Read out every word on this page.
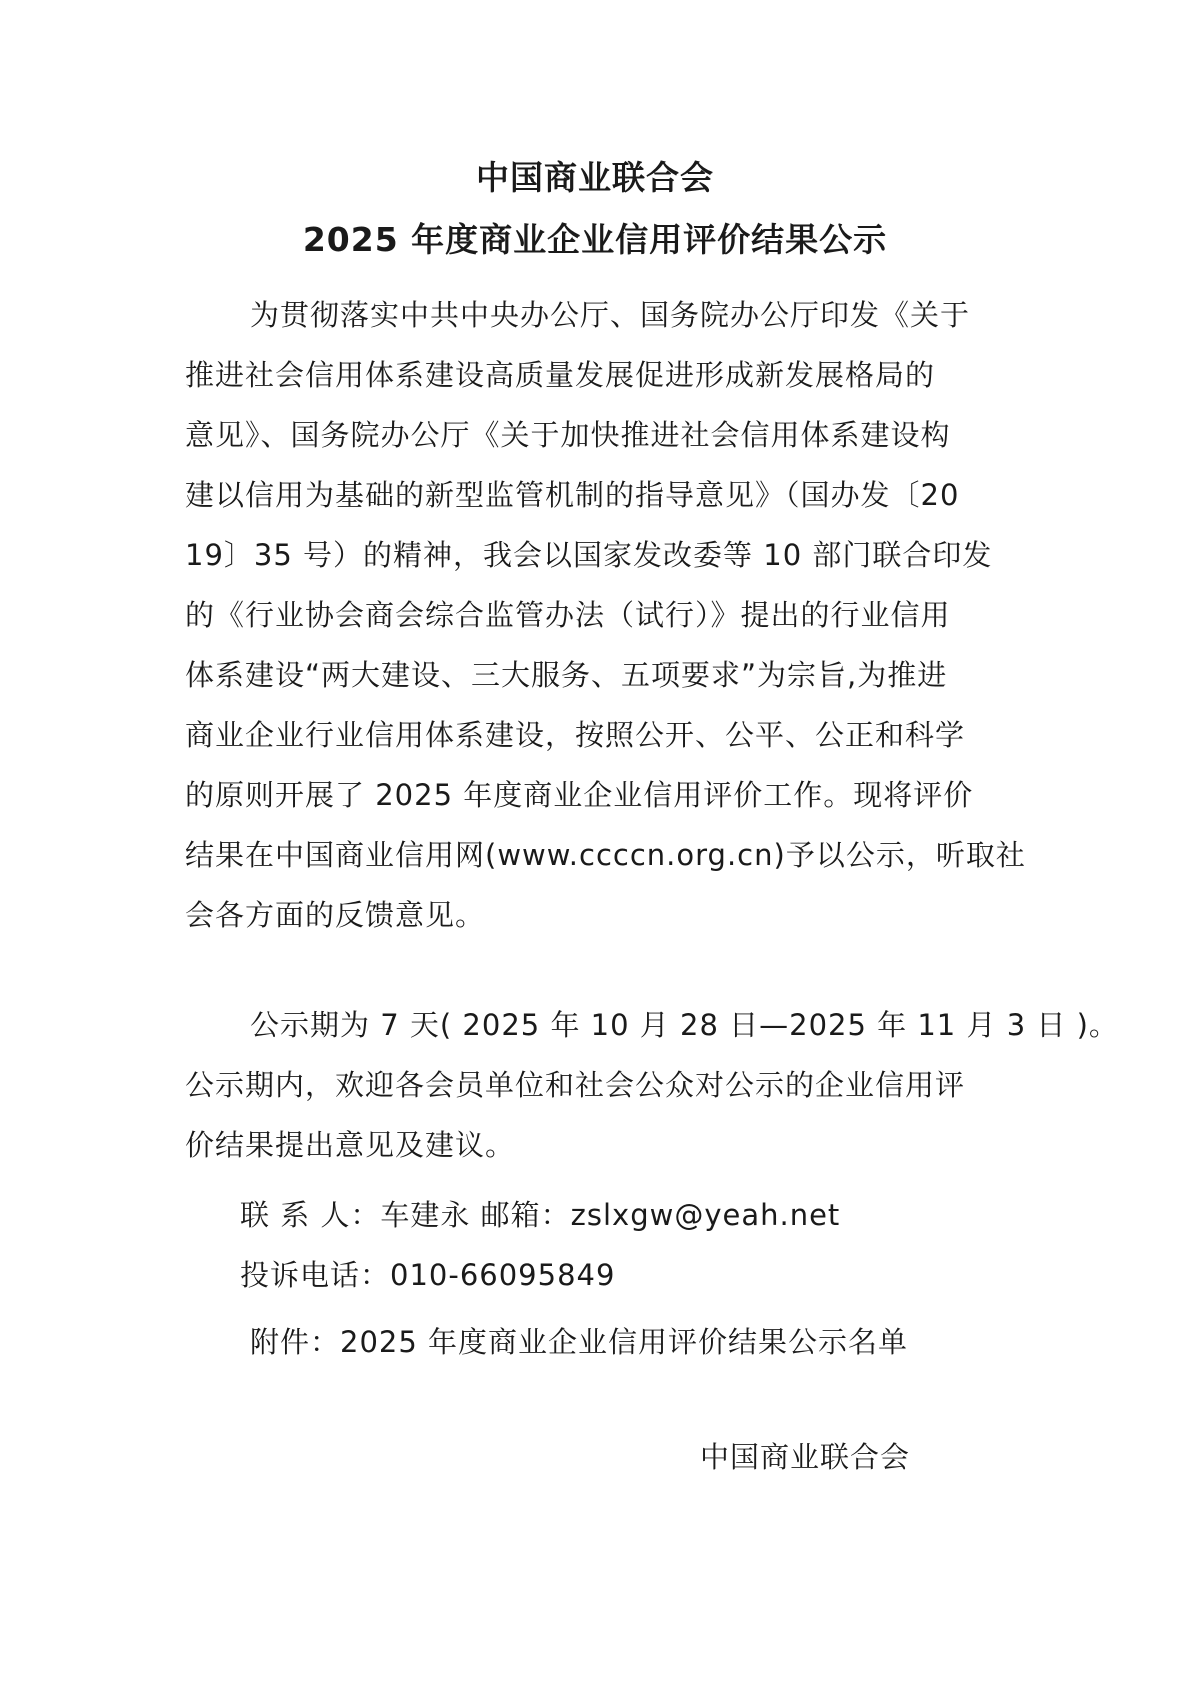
中国商业联合会
2025 年度商业企业信用评价结果公示
为贯彻落实中共中央办公厅、国务院办公厅印发《关于
推进社会信用体系建设高质量发展促进形成新发展格局的
意见》、国务院办公厅《关于加快推进社会信用体系建设构
建以信用为基础的新型监管机制的指导意见》（国办发〔20
19〕35 号）的精神，我会以国家发改委等 10 部门联合印发
的《行业协会商会综合监管办法（试行）》提出的行业信用
体系建设“两大建设、三大服务、五项要求”为宗旨,为推进
商业企业行业信用体系建设，按照公开、公平、公正和科学
的原则开展了 2025 年度商业企业信用评价工作。现将评价
结果在中国商业信用网(www.ccccn.org.cn)予以公示，听取社
会各方面的反馈意见。
公示期为 7 天( 2025 年 10 月 28 日—2025 年 11 月 3 日 )。
公示期内，欢迎各会员单位和社会公众对公示的企业信用评
价结果提出意见及建议。
联 系 人：车建永 邮箱：zslxgw@yeah.net
投诉电话：010-66095849
附件：2025 年度商业企业信用评价结果公示名单
中国商业联合会
